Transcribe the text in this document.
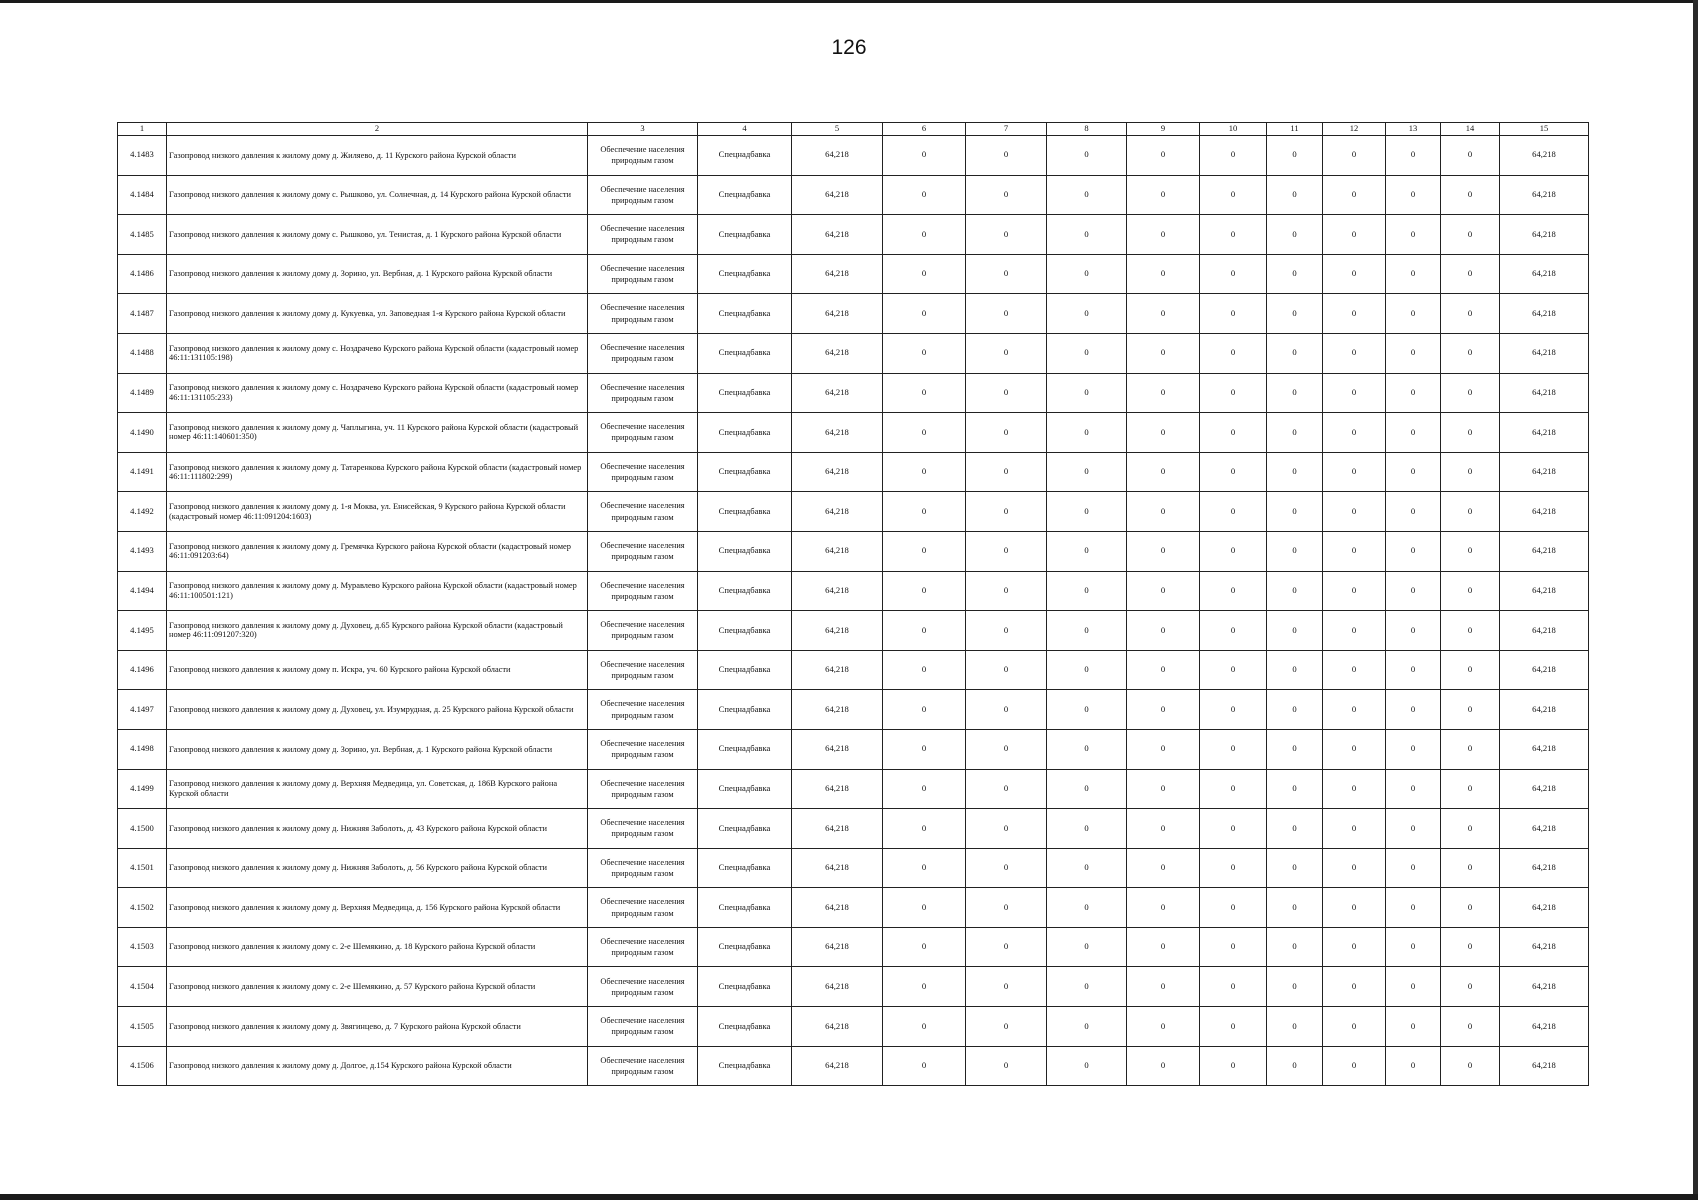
126
1	2	3	4	5	6	7	8	9	10	11	12	13	14	15
4.1483	Газопровод низкого давления к жилому дому д. Жиляево, д. 11 Курского района Курской области	Обеспечение населения природным газом	Спецнадбавка	64,218	0	0	0	0	0	0	0	0	0	64,218
4.1484	Газопровод низкого давления к жилому дому с. Рышково, ул. Солнечная, д. 14 Курского района Курской области	Обеспечение населения природным газом	Спецнадбавка	64,218	0	0	0	0	0	0	0	0	0	64,218
4.1485	Газопровод низкого давления к жилому дому с. Рышково, ул. Тенистая, д. 1 Курского района Курской области	Обеспечение населения природным газом	Спецнадбавка	64,218	0	0	0	0	0	0	0	0	0	64,218
4.1486	Газопровод низкого давления к жилому дому д. Зорино, ул. Вербная, д. 1 Курского района Курской области	Обеспечение населения природным газом	Спецнадбавка	64,218	0	0	0	0	0	0	0	0	0	64,218
4.1487	Газопровод низкого давления к жилому дому д. Кукуевка, ул. Заповедная 1-я Курского района Курской области	Обеспечение населения природным газом	Спецнадбавка	64,218	0	0	0	0	0	0	0	0	0	64,218
4.1488	Газопровод низкого давления к жилому дому с. Ноздрачево Курского района Курской области (кадастровый номер 46:11:131105:198)	Обеспечение населения природным газом	Спецнадбавка	64,218	0	0	0	0	0	0	0	0	0	64,218
4.1489	Газопровод низкого давления к жилому дому с. Ноздрачево Курского района Курской области (кадастровый номер 46:11:131105:233)	Обеспечение населения природным газом	Спецнадбавка	64,218	0	0	0	0	0	0	0	0	0	64,218
4.1490	Газопровод низкого давления к жилому дому д. Чаплыгина, уч. 11 Курского района Курской области (кадастровый номер 46:11:140601:350)	Обеспечение населения природным газом	Спецнадбавка	64,218	0	0	0	0	0	0	0	0	0	64,218
4.1491	Газопровод низкого давления к жилому дому д. Татаренкова Курского района Курской области (кадастровый номер 46:11:111802:299)	Обеспечение населения природным газом	Спецнадбавка	64,218	0	0	0	0	0	0	0	0	0	64,218
4.1492	Газопровод низкого давления к жилому дому д. 1-я Моква, ул. Енисейская, 9 Курского района Курской области (кадастровый номер 46:11:091204:1603)	Обеспечение населения природным газом	Спецнадбавка	64,218	0	0	0	0	0	0	0	0	0	64,218
4.1493	Газопровод низкого давления к жилому дому д. Гремячка Курского района Курской области (кадастровый номер 46:11:091203:64)	Обеспечение населения природным газом	Спецнадбавка	64,218	0	0	0	0	0	0	0	0	0	64,218
4.1494	Газопровод низкого давления к жилому дому д. Муравлево Курского района Курской области (кадастровый номер 46:11:100501:121)	Обеспечение населения природным газом	Спецнадбавка	64,218	0	0	0	0	0	0	0	0	0	64,218
4.1495	Газопровод низкого давления к жилому дому д. Духовец, д.65 Курского района Курской области (кадастровый номер 46:11:091207:320)	Обеспечение населения природным газом	Спецнадбавка	64,218	0	0	0	0	0	0	0	0	0	64,218
4.1496	Газопровод низкого давления к жилому дому п. Искра, уч. 60 Курского района Курской области	Обеспечение населения природным газом	Спецнадбавка	64,218	0	0	0	0	0	0	0	0	0	64,218
4.1497	Газопровод низкого давления к жилому дому д. Духовец, ул. Изумрудная, д. 25 Курского района Курской области	Обеспечение населения природным газом	Спецнадбавка	64,218	0	0	0	0	0	0	0	0	0	64,218
4.1498	Газопровод низкого давления к жилому дому д. Зорино, ул. Вербная, д. 1 Курского района Курской области	Обеспечение населения природным газом	Спецнадбавка	64,218	0	0	0	0	0	0	0	0	0	64,218
4.1499	Газопровод низкого давления к жилому дому д. Верхняя Медведица, ул. Советская, д. 186В Курского района Курской области	Обеспечение населения природным газом	Спецнадбавка	64,218	0	0	0	0	0	0	0	0	0	64,218
4.1500	Газопровод низкого давления к жилому дому д. Нижняя Заболоть, д. 43 Курского района Курской области	Обеспечение населения природным газом	Спецнадбавка	64,218	0	0	0	0	0	0	0	0	0	64,218
4.1501	Газопровод низкого давления к жилому дому д. Нижняя Заболоть, д. 56 Курского района Курской области	Обеспечение населения природным газом	Спецнадбавка	64,218	0	0	0	0	0	0	0	0	0	64,218
4.1502	Газопровод низкого давления к жилому дому д. Верхняя Медведица, д. 156 Курского района Курской области	Обеспечение населения природным газом	Спецнадбавка	64,218	0	0	0	0	0	0	0	0	0	64,218
4.1503	Газопровод низкого давления к жилому дому с. 2-е Шемякино, д. 18 Курского района Курской области	Обеспечение населения природным газом	Спецнадбавка	64,218	0	0	0	0	0	0	0	0	0	64,218
4.1504	Газопровод низкого давления к жилому дому с. 2-е Шемякино, д. 57 Курского района Курской области	Обеспечение населения природным газом	Спецнадбавка	64,218	0	0	0	0	0	0	0	0	0	64,218
4.1505	Газопровод низкого давления к жилому дому д. Звягинцево, д. 7 Курского района Курской области	Обеспечение населения природным газом	Спецнадбавка	64,218	0	0	0	0	0	0	0	0	0	64,218
4.1506	Газопровод низкого давления к жилому дому д. Долгое, д.154 Курского района Курской области	Обеспечение населения природным газом	Спецнадбавка	64,218	0	0	0	0	0	0	0	0	0	64,218
